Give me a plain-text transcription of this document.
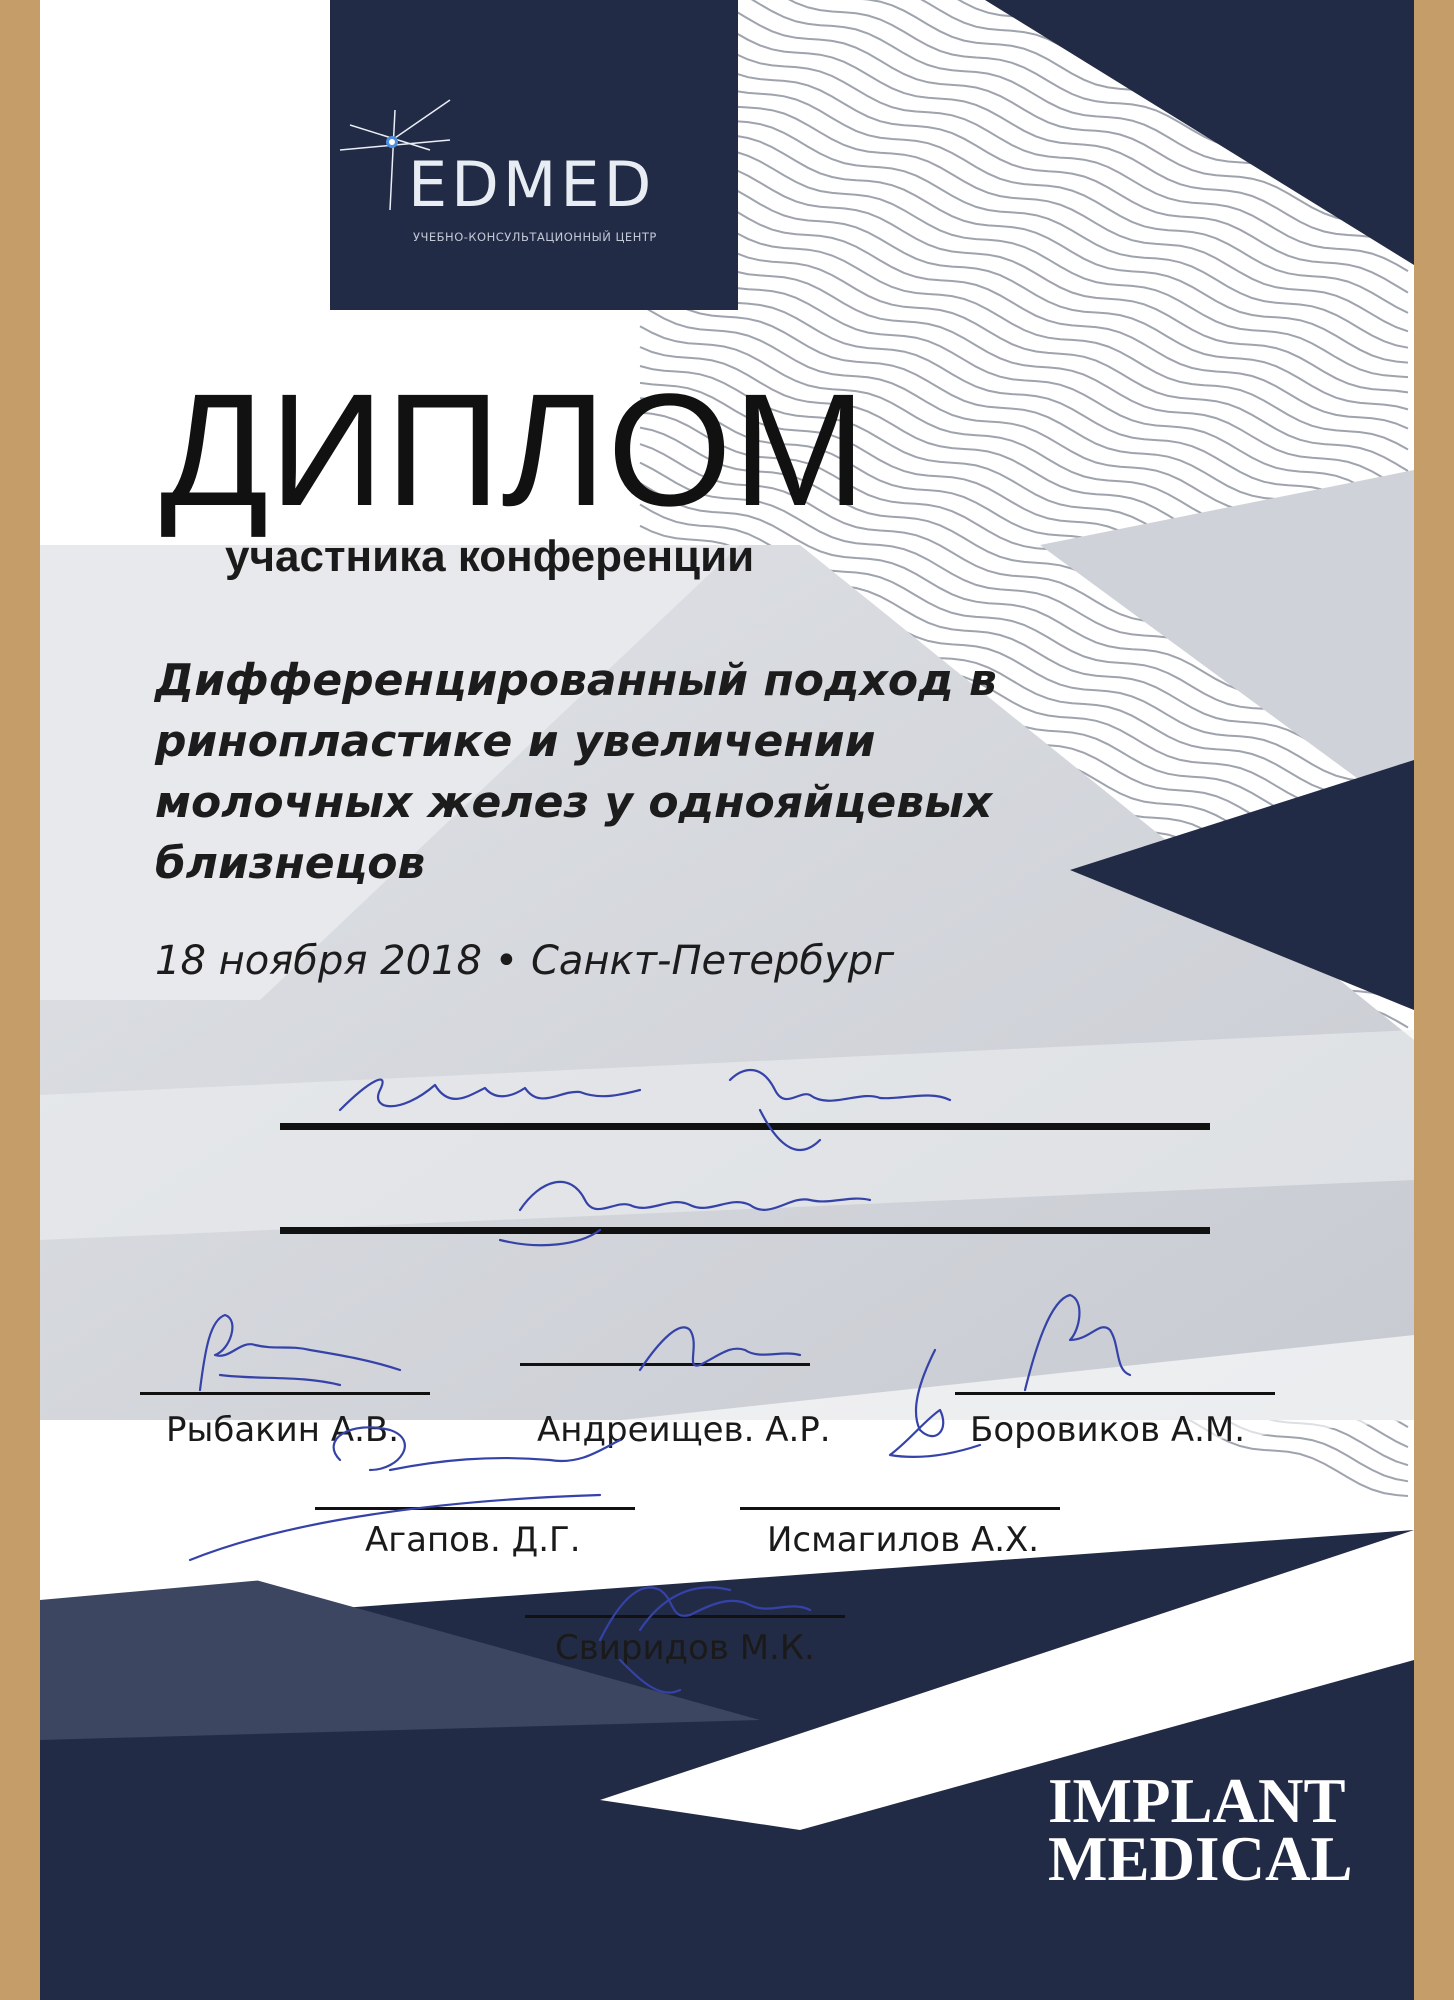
EDMED
УЧЕБНО-КОНСУЛЬТАЦИОННЫЙ ЦЕНТР
ДИПЛОМ
участника конференции

Дифференцированный подход в
ринопластике и увеличении
молочных желез у однояйцевых
близнецов

18 ноября 2018 • Санкт-Петербург
Рыбакин А.В.	Андреищев. А.Р.	Боровиков А.М.
Агапов. Д.Г.	Исмагилов А.Х.
Свиридов М.К.
IMPLANT
MEDICAL
